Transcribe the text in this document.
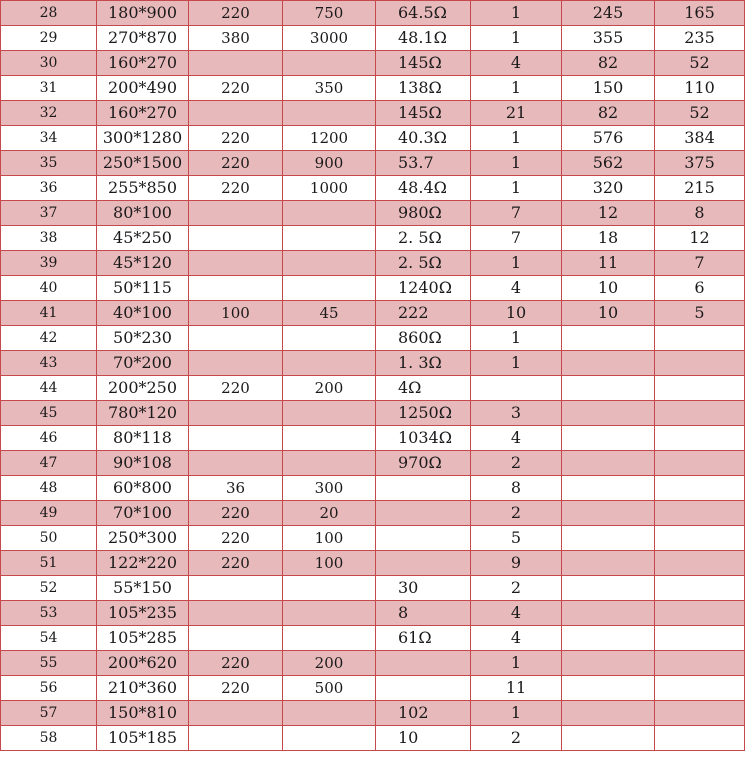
28	180*900	220	750	64.5Ω	1	245	165
29	270*870	380	3000	48.1Ω	1	355	235
30	160*270			145Ω	4	82	52
31	200*490	220	350	138Ω	1	150	110
32	160*270			145Ω	21	82	52
34	300*1280	220	1200	40.3Ω	1	576	384
35	250*1500	220	900	53.7	1	562	375
36	255*850	220	1000	48.4Ω	1	320	215
37	80*100			980Ω	7	12	8
38	45*250			2. 5Ω	7	18	12
39	45*120			2. 5Ω	1	11	7
40	50*115			1240Ω	4	10	6
41	40*100	100	45	222	10	10	5
42	50*230			860Ω	1		
43	70*200			1. 3Ω	1		
44	200*250	220	200	4Ω			
45	780*120			1250Ω	3		
46	80*118			1034Ω	4		
47	90*108			970Ω	2		
48	60*800	36	300		8		
49	70*100	220	20		2		
50	250*300	220	100		5		
51	122*220	220	100		9		
52	55*150			30	2		
53	105*235			8	4		
54	105*285			61Ω	4		
55	200*620	220	200		1		
56	210*360	220	500		11		
57	150*810			102	1		
58	105*185			10	2		
